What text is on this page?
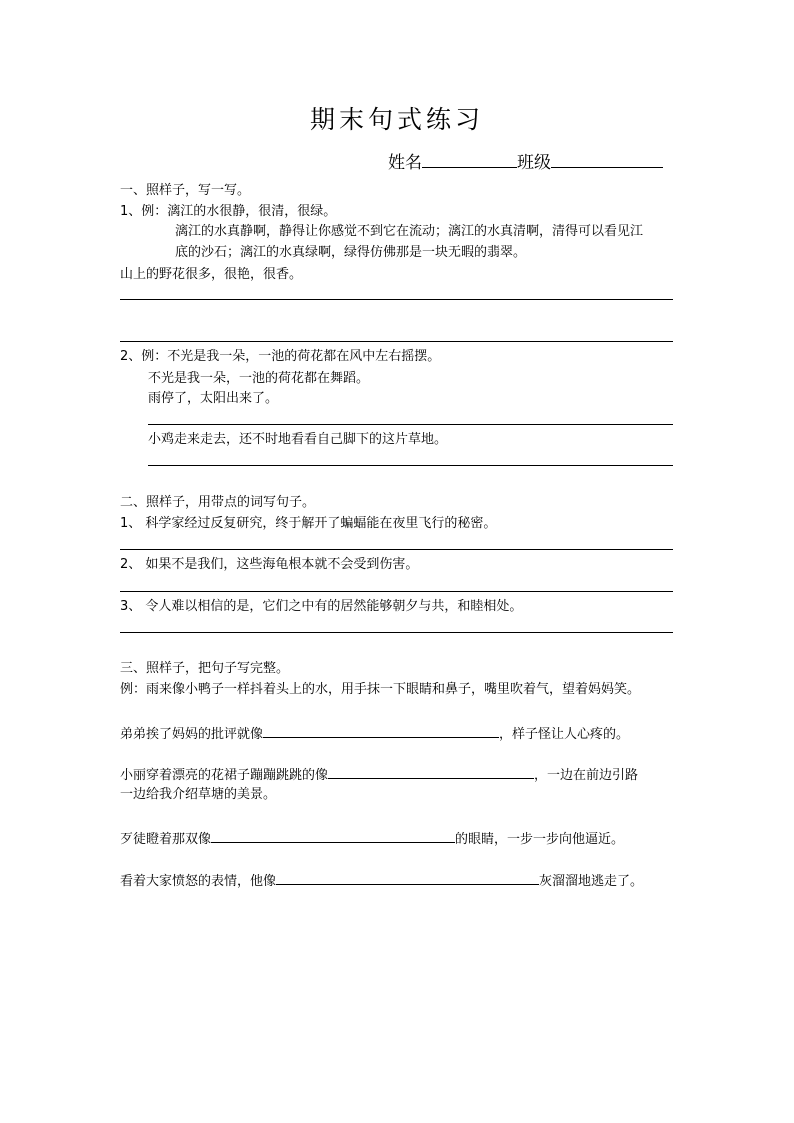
期末句式练习
姓名	班级
一、照样子，写一写。
1、例：漓江的水很静，很清，很绿。
漓江的水真静啊，静得让你感觉不到它在流动；漓江的水真清啊，清得可以看见江
底的沙石；漓江的水真绿啊，绿得仿佛那是一块无暇的翡翠。
山上的野花很多，很艳，很香。
2、例：不光是我一朵，一池的荷花都在风中左右摇摆。
不光是我一朵，一池的荷花都在舞蹈。
雨停了，太阳出来了。
小鸡走来走去，还不时地看看自己脚下的这片草地。
二、照样子，用带点的词写句子。
1、 科学家经过反复研究，终于解开了蝙蝠能在夜里飞行的秘密。
2、 如果不是我们，这些海龟根本就不会受到伤害。
3、 令人难以相信的是，它们之中有的居然能够朝夕与共，和睦相处。
三、照样子，把句子写完整。
例：雨来像小鸭子一样抖着头上的水，用手抹一下眼睛和鼻子，嘴里吹着气，望着妈妈笑。
弟弟挨了妈妈的批评就像	，样子怪让人心疼的。
小丽穿着漂亮的花裙子蹦蹦跳跳的像	，一边在前边引路
一边给我介绍草塘的美景。
歹徒瞪着那双像	的眼睛，一步一步向他逼近。
看着大家愤怒的表情，他像	灰溜溜地逃走了。
